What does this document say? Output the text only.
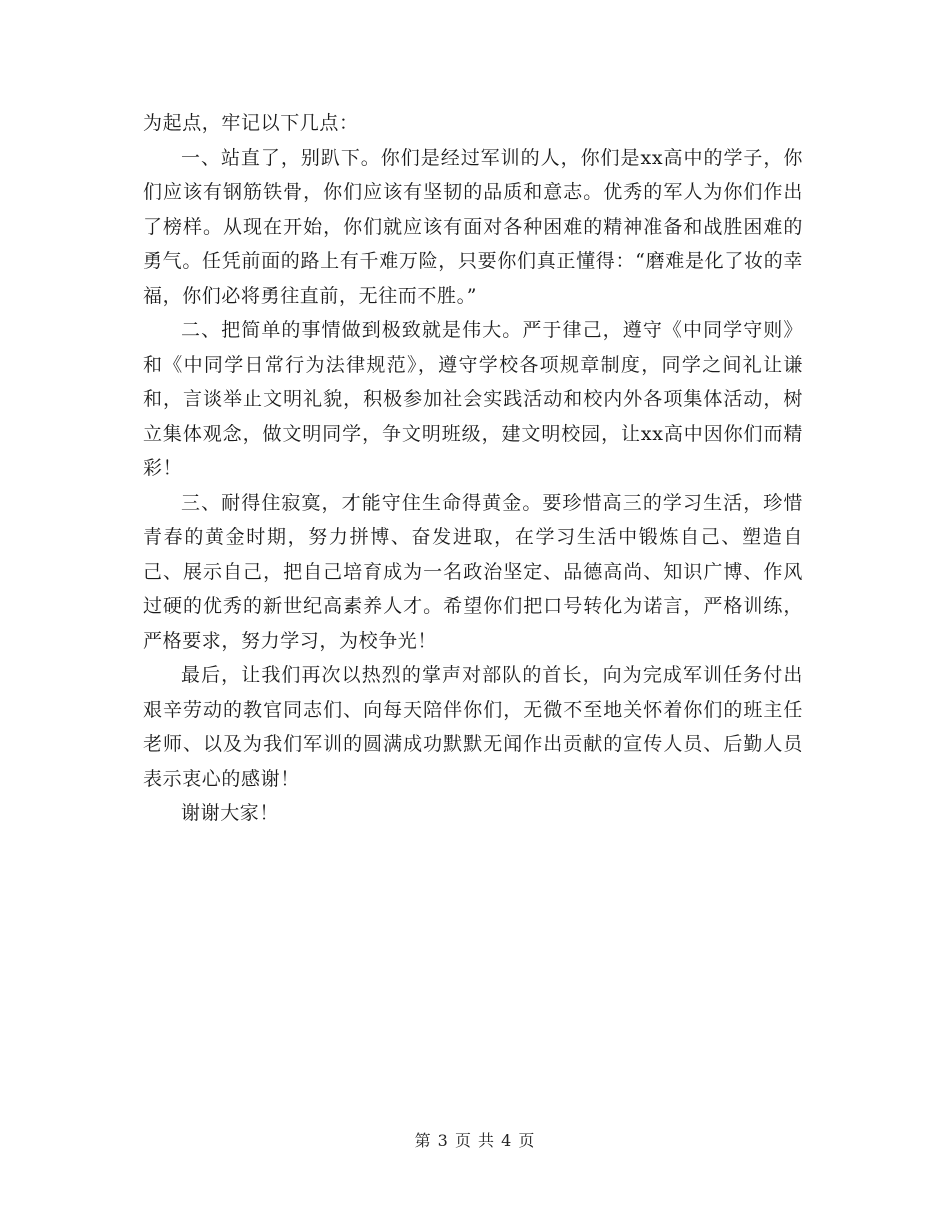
为起点，牢记以下几点：

一、站直了，别趴下。你们是经过军训的人，你们是xx高中的学子，你们应该有钢筋铁骨，你们应该有坚韧的品质和意志。优秀的军人为你们作出了榜样。从现在开始，你们就应该有面对各种困难的精神准备和战胜困难的勇气。任凭前面的路上有千难万险，只要你们真正懂得：“磨难是化了妆的幸福，你们必将勇往直前，无往而不胜。”

二、把简单的事情做到极致就是伟大。严于律己，遵守《中同学守则》和《中同学日常行为法律规范》，遵守学校各项规章制度，同学之间礼让谦和，言谈举止文明礼貌，积极参加社会实践活动和校内外各项集体活动，树立集体观念，做文明同学，争文明班级，建文明校园，让xx高中因你们而精彩！

三、耐得住寂寞，才能守住生命得黄金。要珍惜高三的学习生活，珍惜青春的黄金时期，努力拼博、奋发进取，在学习生活中锻炼自己、塑造自己、展示自己，把自己培育成为一名政治坚定、品德高尚、知识广博、作风过硬的优秀的新世纪高素养人才。希望你们把口号转化为诺言，严格训练，严格要求，努力学习，为校争光！

最后，让我们再次以热烈的掌声对部队的首长，向为完成军训任务付出艰辛劳动的教官同志们、向每天陪伴你们，无微不至地关怀着你们的班主任老师、以及为我们军训的圆满成功默默无闻作出贡献的宣传人员、后勤人员表示衷心的感谢！

谢谢大家！

第 3 页 共 4 页
